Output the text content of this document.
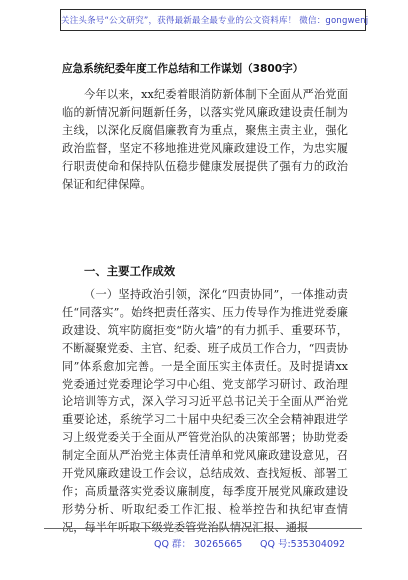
关注头条号“公文研究”，获得最新最全最专业的公文资料库！ 微信：gongwenj
应急系统纪委年度工作总结和工作谋划（3800字）

今年以来，xx纪委着眼消防新体制下全面从严治党面临的新情况新问题新任务，以落实党风廉政建设责任制为主线，以深化反腐倡廉教育为重点，聚焦主责主业，强化政治监督，坚定不移地推进党风廉政建设工作，为忠实履行职责使命和保持队伍稳步健康发展提供了强有力的政治保证和纪律保障。

一、主要工作成效

（一）坚持政治引领，深化“四责协同”，一体推动责任“同落实”。始终把责任落实、压力传导作为推进党委廉政建设、筑牢防腐拒变“防火墙”的有力抓手、重要环节，不断凝聚党委、主官、纪委、班子成员工作合力，“四责协同”体系愈加完善。一是全面压实主体责任。及时提请xx党委通过党委理论学习中心组、党支部学习研讨、政治理论培训等方式，深入学习习近平总书记关于全面从严治党重要论述，系统学习二十届中央纪委三次全会精神跟进学习上级党委关于全面从严管党治队的决策部署；协助党委制定全面从严治党主体责任清单和党风廉政建设意见，召开党风廉政建设工作会议，总结成效、查找短板、部署工作；高质量落实党委议廉制度，每季度开展党风廉政建设形势分析、听取纪委工作汇报、检举控告和执纪审查情

QQ 群： 30265665 QQ 号:535304092
